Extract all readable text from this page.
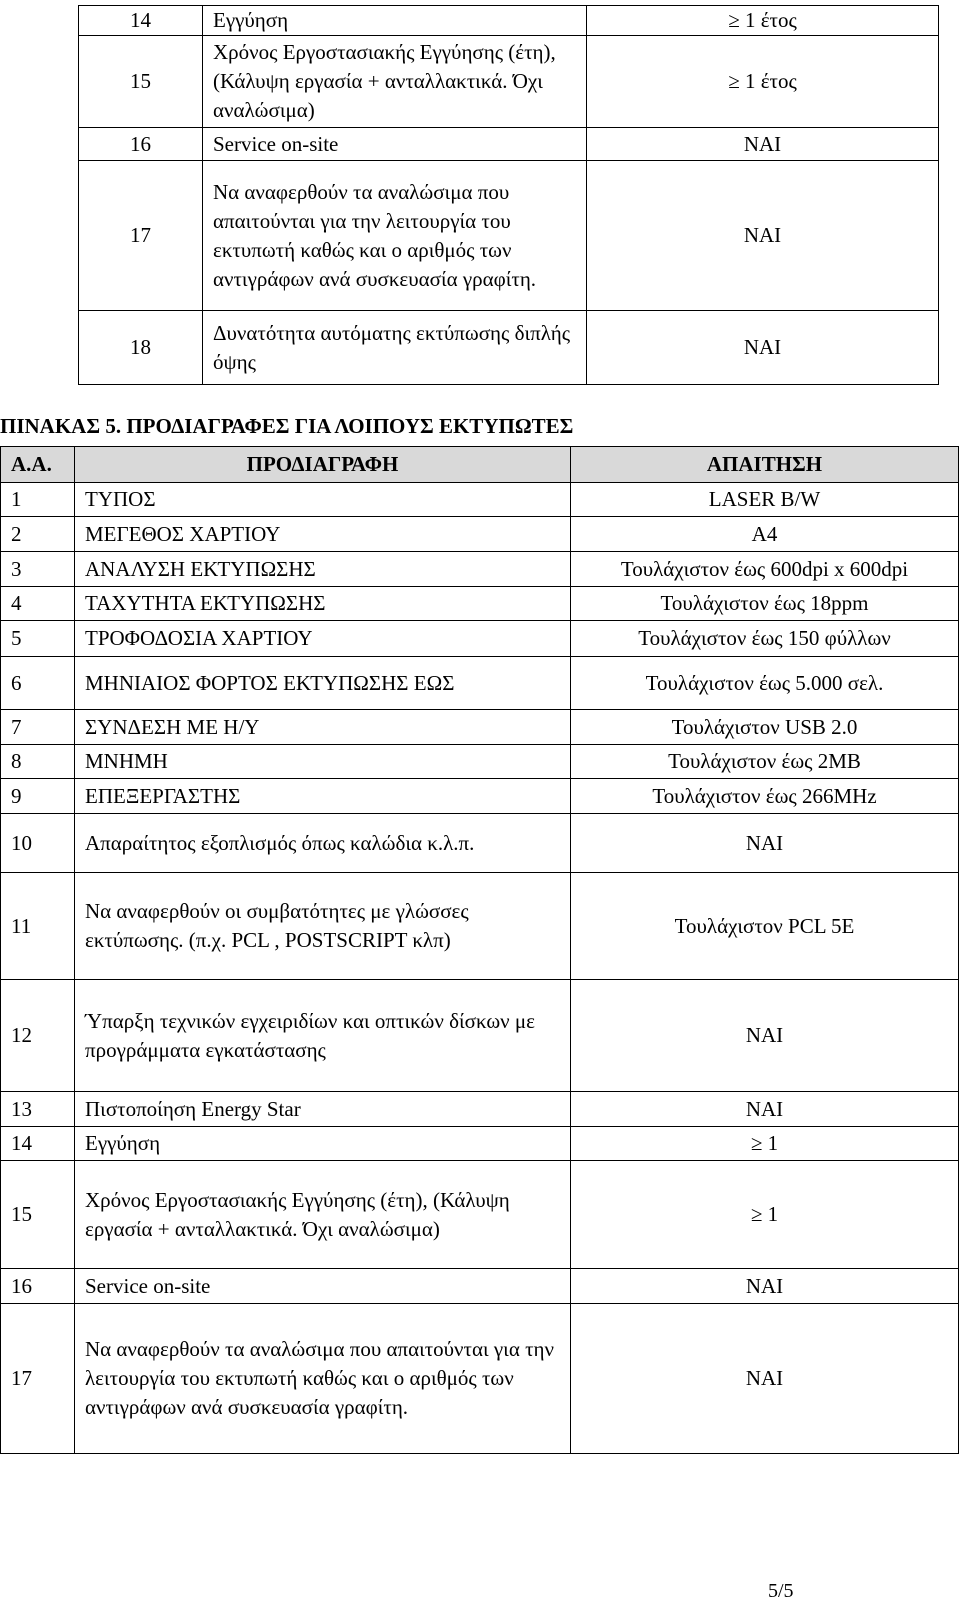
14	Εγγύηση	≥ 1 έτος
15	Χρόνος Εργοστασιακής Εγγύησης (έτη), (Κάλυψη εργασία + ανταλλακτικά. Όχι αναλώσιμα)	≥ 1 έτος
16	Service on-site	ΝΑΙ
17	Να αναφερθούν τα αναλώσιμα που απαιτούνται για την λειτουργία του εκτυπωτή καθώς και ο αριθμός των αντιγράφων ανά συσκευασία γραφίτη.	ΝΑΙ
18	Δυνατότητα αυτόματης εκτύπωσης διπλής όψης	ΝΑΙ
ΠΙΝΑΚΑΣ 5. ΠΡΟΔΙΑΓΡΑΦΕΣ ΓΙΑ ΛΟΙΠΟΥΣ ΕΚΤΥΠΩΤΕΣ
Α.Α.	ΠΡΟΔΙΑΓΡΑΦΗ	ΑΠΑΙΤΗΣΗ
1	ΤΥΠΟΣ	LASER B/W
2	ΜΕΓΕΘΟΣ ΧΑΡΤΙΟΥ	A4
3	ΑΝΑΛΥΣΗ ΕΚΤΥΠΩΣΗΣ	Τουλάχιστον έως 600dpi x 600dpi
4	ΤΑΧΥΤΗΤΑ ΕΚΤΥΠΩΣΗΣ	Τουλάχιστον έως 18ppm
5	ΤΡΟΦΟΔΟΣΙΑ ΧΑΡΤΙΟΥ	Τουλάχιστον έως 150 φύλλων
6	ΜΗΝΙΑΙΟΣ ΦΟΡΤΟΣ ΕΚΤΥΠΩΣΗΣ ΕΩΣ	Τουλάχιστον έως 5.000 σελ.
7	ΣΥΝΔΕΣΗ ΜΕ Η/Υ	Τουλάχιστον USB 2.0
8	ΜΝΗΜΗ	Τουλάχιστον έως 2MB
9	ΕΠΕΞΕΡΓΑΣΤΗΣ	Τουλάχιστον έως 266MHz
10	Απαραίτητος εξοπλισμός όπως καλώδια κ.λ.π.	ΝΑΙ
11	Να αναφερθούν οι συμβατότητες με γλώσσες εκτύπωσης. (π.χ. PCL , POSTSCRIPT κλπ)	Τουλάχιστον PCL 5E
12	Ύπαρξη τεχνικών εγχειριδίων και οπτικών δίσκων με προγράμματα εγκατάστασης	ΝΑΙ
13	Πιστοποίηση Energy Star	ΝΑΙ
14	Εγγύηση	≥ 1
15	Χρόνος Εργοστασιακής Εγγύησης (έτη), (Κάλυψη εργασία + ανταλλακτικά. Όχι αναλώσιμα)	≥ 1
16	Service on-site	ΝΑΙ
17	Να αναφερθούν τα αναλώσιμα που απαιτούνται για την λειτουργία του εκτυπωτή καθώς και ο αριθμός των αντιγράφων ανά συσκευασία γραφίτη.	ΝΑΙ
5/5
